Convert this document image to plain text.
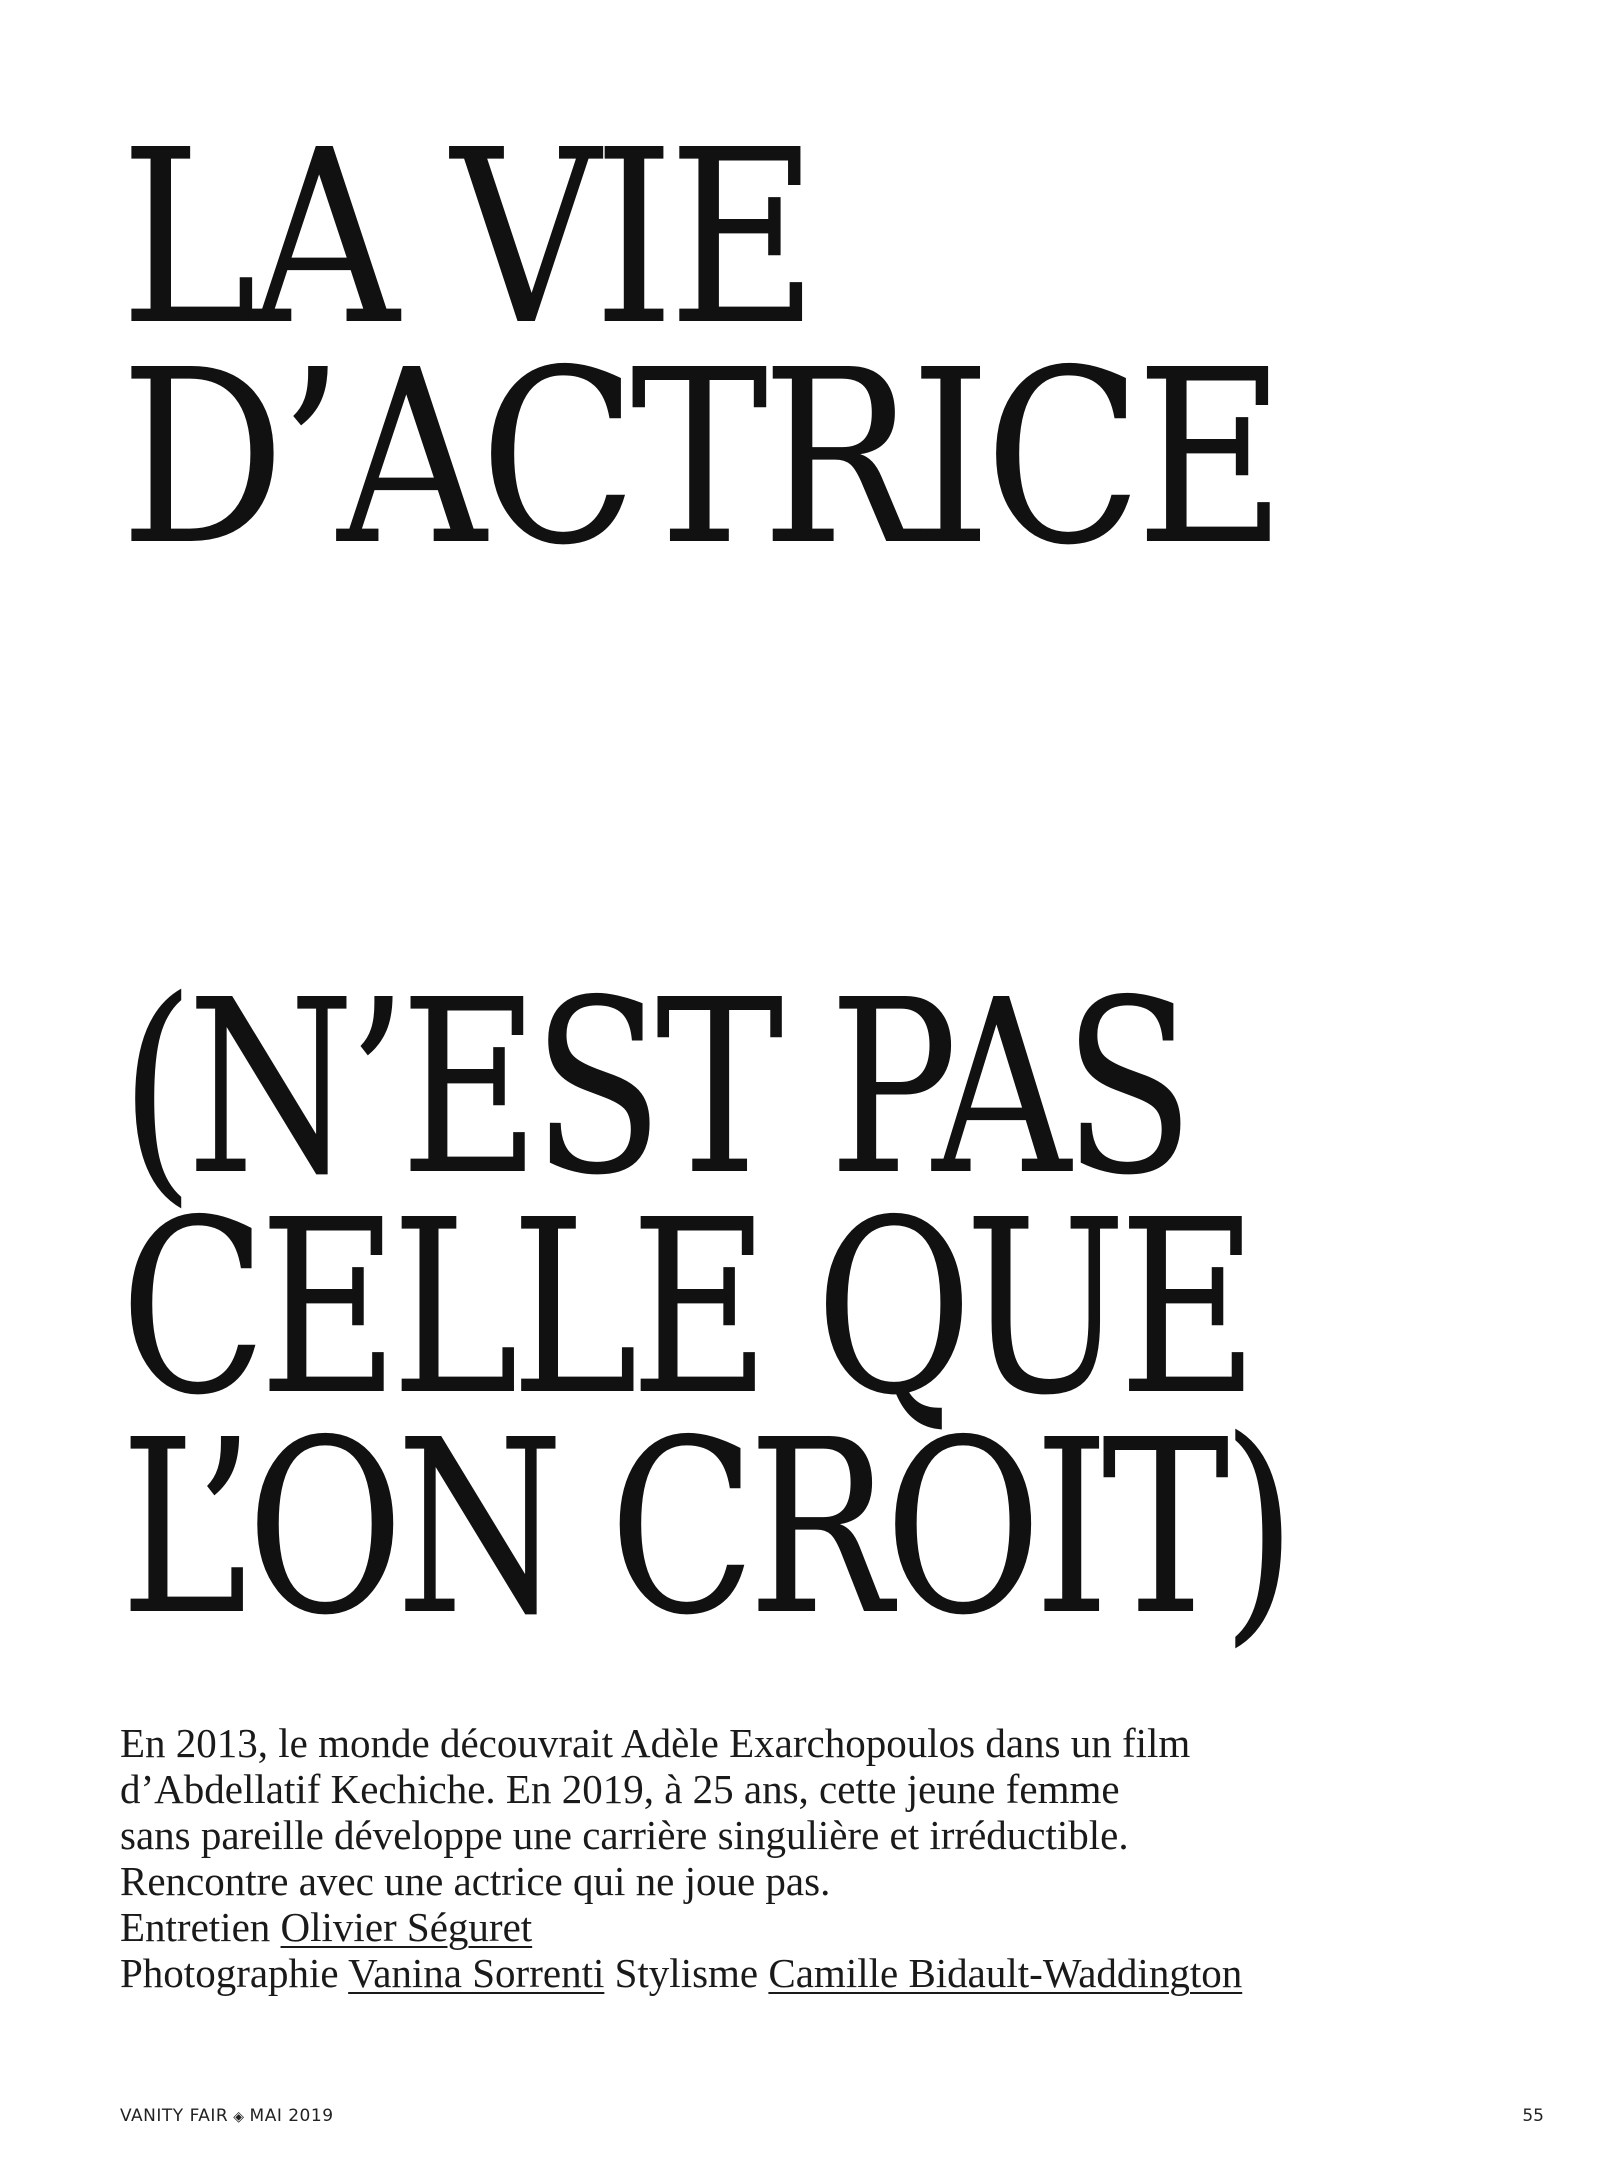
LA VIE
D’ACTRICE
(N’EST PAS
CELLE QUE
L’ON CROIT)

En 2013, le monde découvrait Adèle Exarchopoulos dans un film

d’Abdellatif Kechiche. En 2019, à 25 ans, cette jeune femme

sans pareille développe une carrière singulière et irréductible.

Rencontre avec une actrice qui ne joue pas.

Entretien Olivier Séguret

Photographie Vanina Sorrenti Stylisme Camille Bidault-Waddington

VANITY FAIR ◈ MAI 2019	55
